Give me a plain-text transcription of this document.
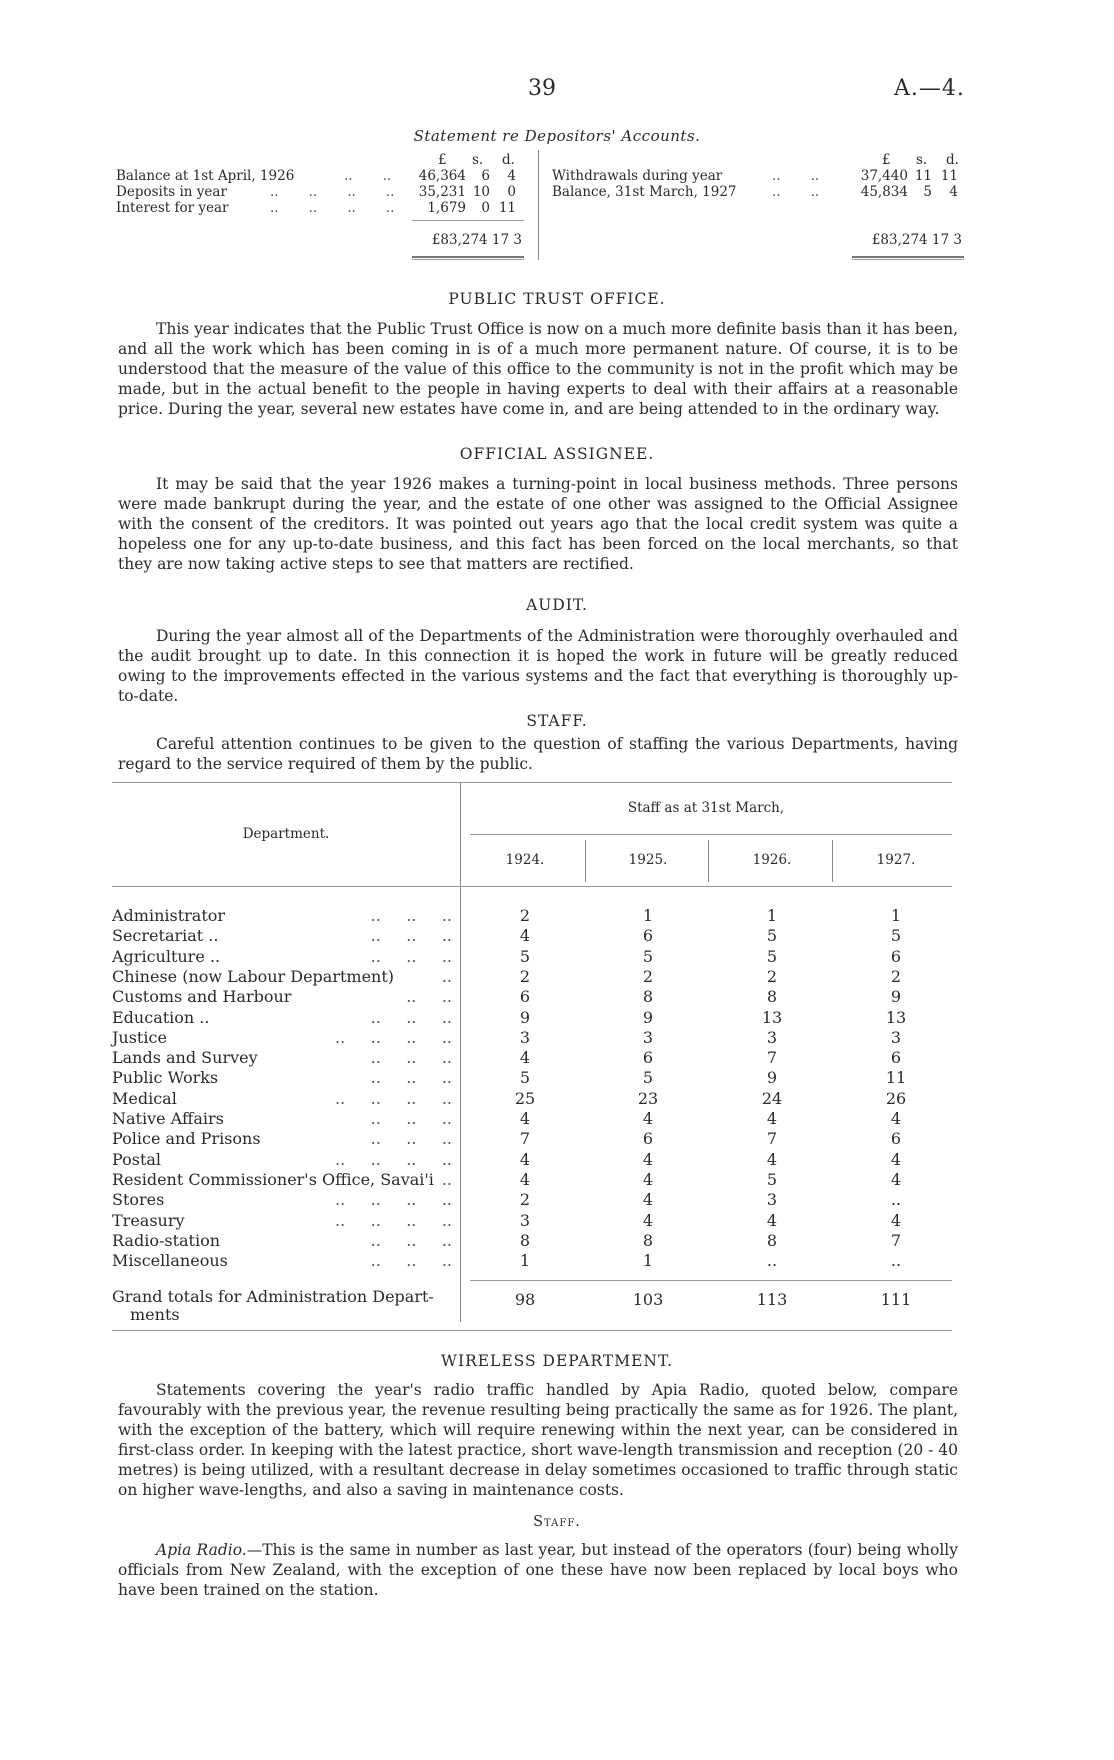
39	A.—4.
Statement re Depositors' Accounts.
£ s. d.	£ s. d.
Balance at 1st April, 1926	..       ..	46,364	6	4
Deposits in year	..       ..       ..       ..	35,231 10	0
Interest for year	..       ..       ..       ..	1,679	0 11
£83,274 17 3
Withdrawals during year	..       ..	37,440 11 11
Balance, 31st March, 1927	..       ..	45,834	5	4
£83,274 17 3
PUBLIC TRUST OFFICE.
This year indicates that the Public Trust Office is now on a much more definite basis than it has been, and all the work which has been coming in is of a much more permanent nature. Of course, it is to be understood that the measure of the value of this office to the community is not in the profit which may be made, but in the actual benefit to the people in having experts to deal with their affairs at a reasonable price. During the year, several new estates have come in, and are being attended to in the ordinary way.
OFFICIAL ASSIGNEE.
It may be said that the year 1926 makes a turning-point in local business methods. Three persons were made bankrupt during the year, and the estate of one other was assigned to the Official Assignee with the consent of the creditors. It was pointed out years ago that the local credit system was quite a hopeless one for any up-to-date business, and this fact has been forced on the local merchants, so that they are now taking active steps to see that matters are rectified.
AUDIT.
During the year almost all of the Departments of the Administration were thoroughly overhauled and the audit brought up to date. In this connection it is hoped the work in future will be greatly reduced owing to the improvements effected in the various systems and the fact that everything is thoroughly up-to-date.
STAFF.
Careful attention continues to be given to the question of staffing the various Departments, having regard to the service required of them by the public.
Department.
Staff as at 31st March,
1924.	1925.	1926.	1927.
Administrator	..     ..     ..	2	1	1	1
Secretariat ..	..     ..     ..	4	6	5	5
Agriculture ..	..     ..     ..	5	5	5	6
Chinese (now Labour Department)	..	2	2	2	2
Customs and Harbour	..     ..	6	8	8	9
Education ..	..     ..     ..	9	9	13	13
Justice	..     ..     ..     ..	3	3	3	3
Lands and Survey	..     ..     ..	4	6	7	6
Public Works	..     ..     ..	5	5	9	11
Medical	..     ..     ..     ..	25	23	24	26
Native Affairs	..     ..     ..	4	4	4	4
Police and Prisons	..     ..     ..	7	6	7	6
Postal	..     ..     ..     ..	4	4	4	4
Resident Commissioner's Office, Savai'i ..	4	4	5	4
Stores	..     ..     ..     ..	2	4	3	..
Treasury	..     ..     ..     ..	3	4	4	4
Radio-station	..     ..     ..	8	8	8	7
Miscellaneous	..     ..     ..	1	1	..	..
Grand totals for Administration Depart-
ments
98	103	113	111
WIRELESS DEPARTMENT.
Statements covering the year's radio traffic handled by Apia Radio, quoted below, compare favourably with the previous year, the revenue resulting being practically the same as for 1926. The plant, with the exception of the battery, which will require renewing within the next year, can be considered in first-class order. In keeping with the latest practice, short wave-length transmission and reception (20 - 40 metres) is being utilized, with a resultant decrease in delay sometimes occasioned to traffic through static on higher wave-lengths, and also a saving in maintenance costs.
Staff.
Apia Radio.—This is the same in number as last year, but instead of the operators (four) being wholly officials from New Zealand, with the exception of one these have now been replaced by local boys who have been trained on the station.
